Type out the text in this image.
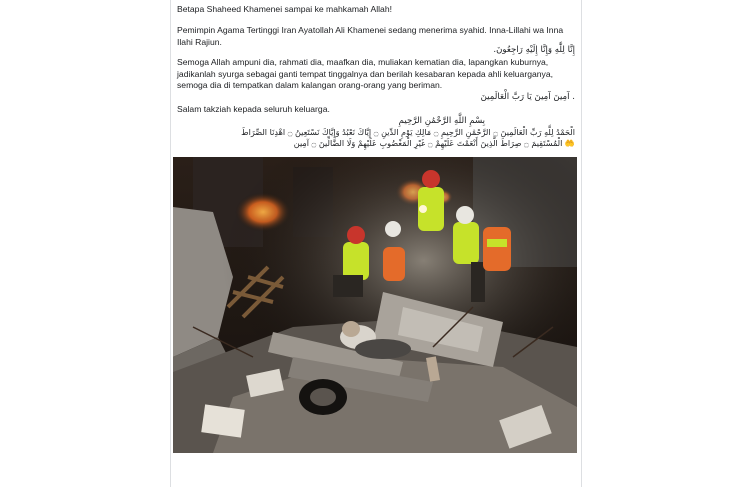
Betapa Shaheed Khamenei sampai ke mahkamah Allah!
Pemimpin Agama Tertinggi Iran Ayatollah Ali Khamenei sedang menerima syahid. Inna-Lillahi wa Inna Ilahi Rajiun.
إِنَّا لِلَّٰهِ وَإِنَّا إِلَيْهِ رَاجِعُونَ.
Semoga Allah ampuni dia, rahmati dia, maafkan dia, muliakan kematian dia, lapangkan kuburnya, jadikanlah syurga sebagai ganti tempat tinggalnya dan berilah kesabaran kepada ahli keluarganya, semoga dia di tempatkan dalam kalangan orang-orang yang beriman.
. آمِينَ آمِينَ يَا رَبَّ الْعَالَمِينَ
Salam takziah kepada seluruh keluarga.
بِسْمِ اللَّهِ الرَّحْمَٰنِ الرَّحِيمِ
الْحَمْدُ لِلَّهِ رَبِّ الْعَالَمِينَ ۝ الرَّحْمَٰنِ الرَّحِيمِ ۝ مَالِكِ يَوْمِ الدِّينِ ۝ إِيَّاكَ نَعْبُدُ وَإِيَّاكَ نَسْتَعِينُ ۝ اهْدِنَا الصِّرَاطَ
🤲 الْمُسْتَقِيمَ ۝ صِرَاطَ الَّذِينَ أَنْعَمْتَ عَلَيْهِمْ ۝ غَيْرِ الْمَغْضُوبِ عَلَيْهِمْ وَلَا الضَّالِّينَ ۝ آمِين
